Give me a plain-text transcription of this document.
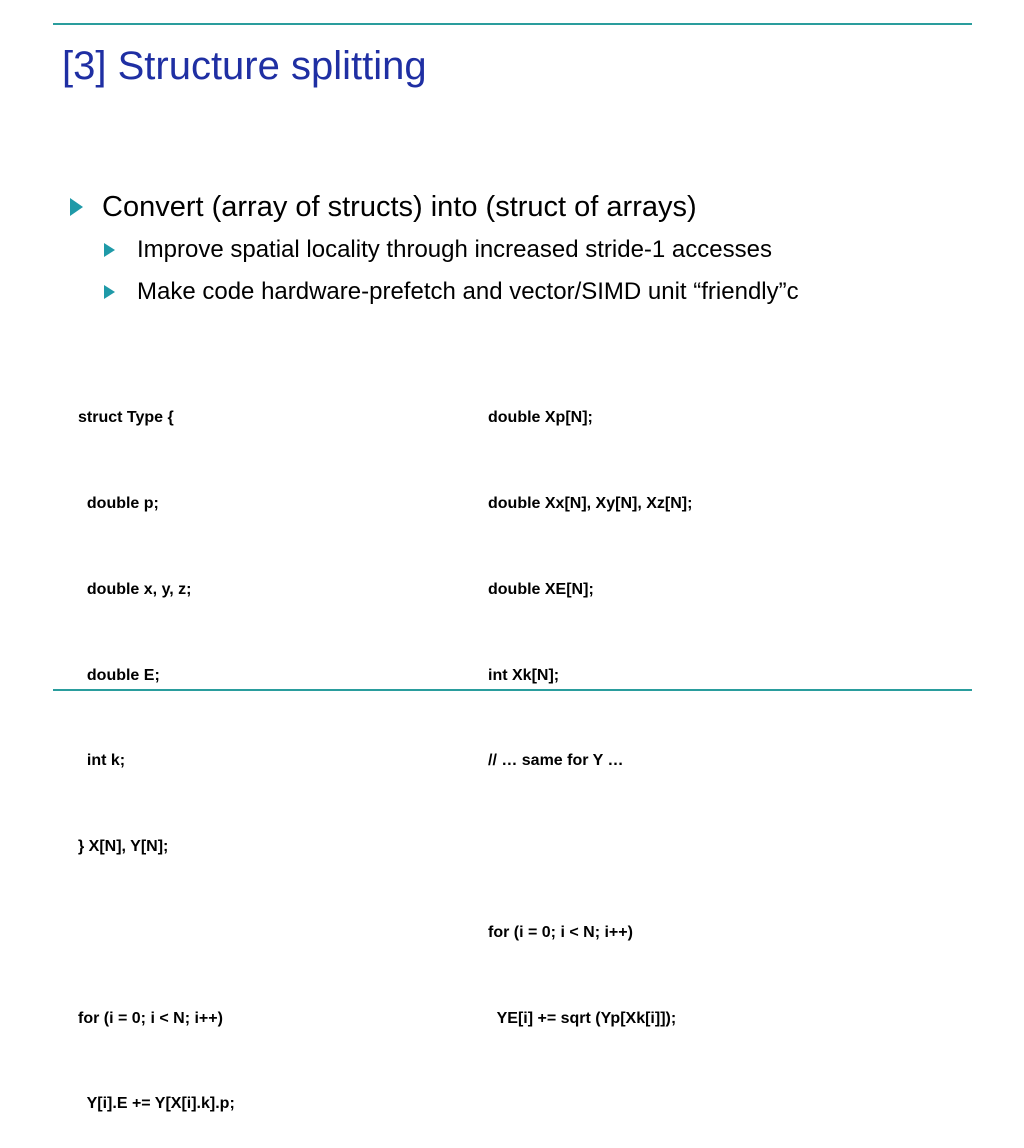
[3] Structure splitting
Convert (array of structs) into (struct of arrays)
Improve spatial locality through increased stride-1 accesses
Make code hardware-prefetch and vector/SIMD unit “friendly”c

struct Type {

double p;

double x, y, z;

double E;

int k;

} X[N], Y[N];

for (i = 0; i < N; i++)

Y[i].E += Y[X[i].k].p;

double Xp[N];

double Xx[N], Xy[N], Xz[N];

double XE[N];

int Xk[N];

// … same for Y …

for (i = 0; i < N; i++)

YE[i] += sqrt (Yp[Xk[i]]);
